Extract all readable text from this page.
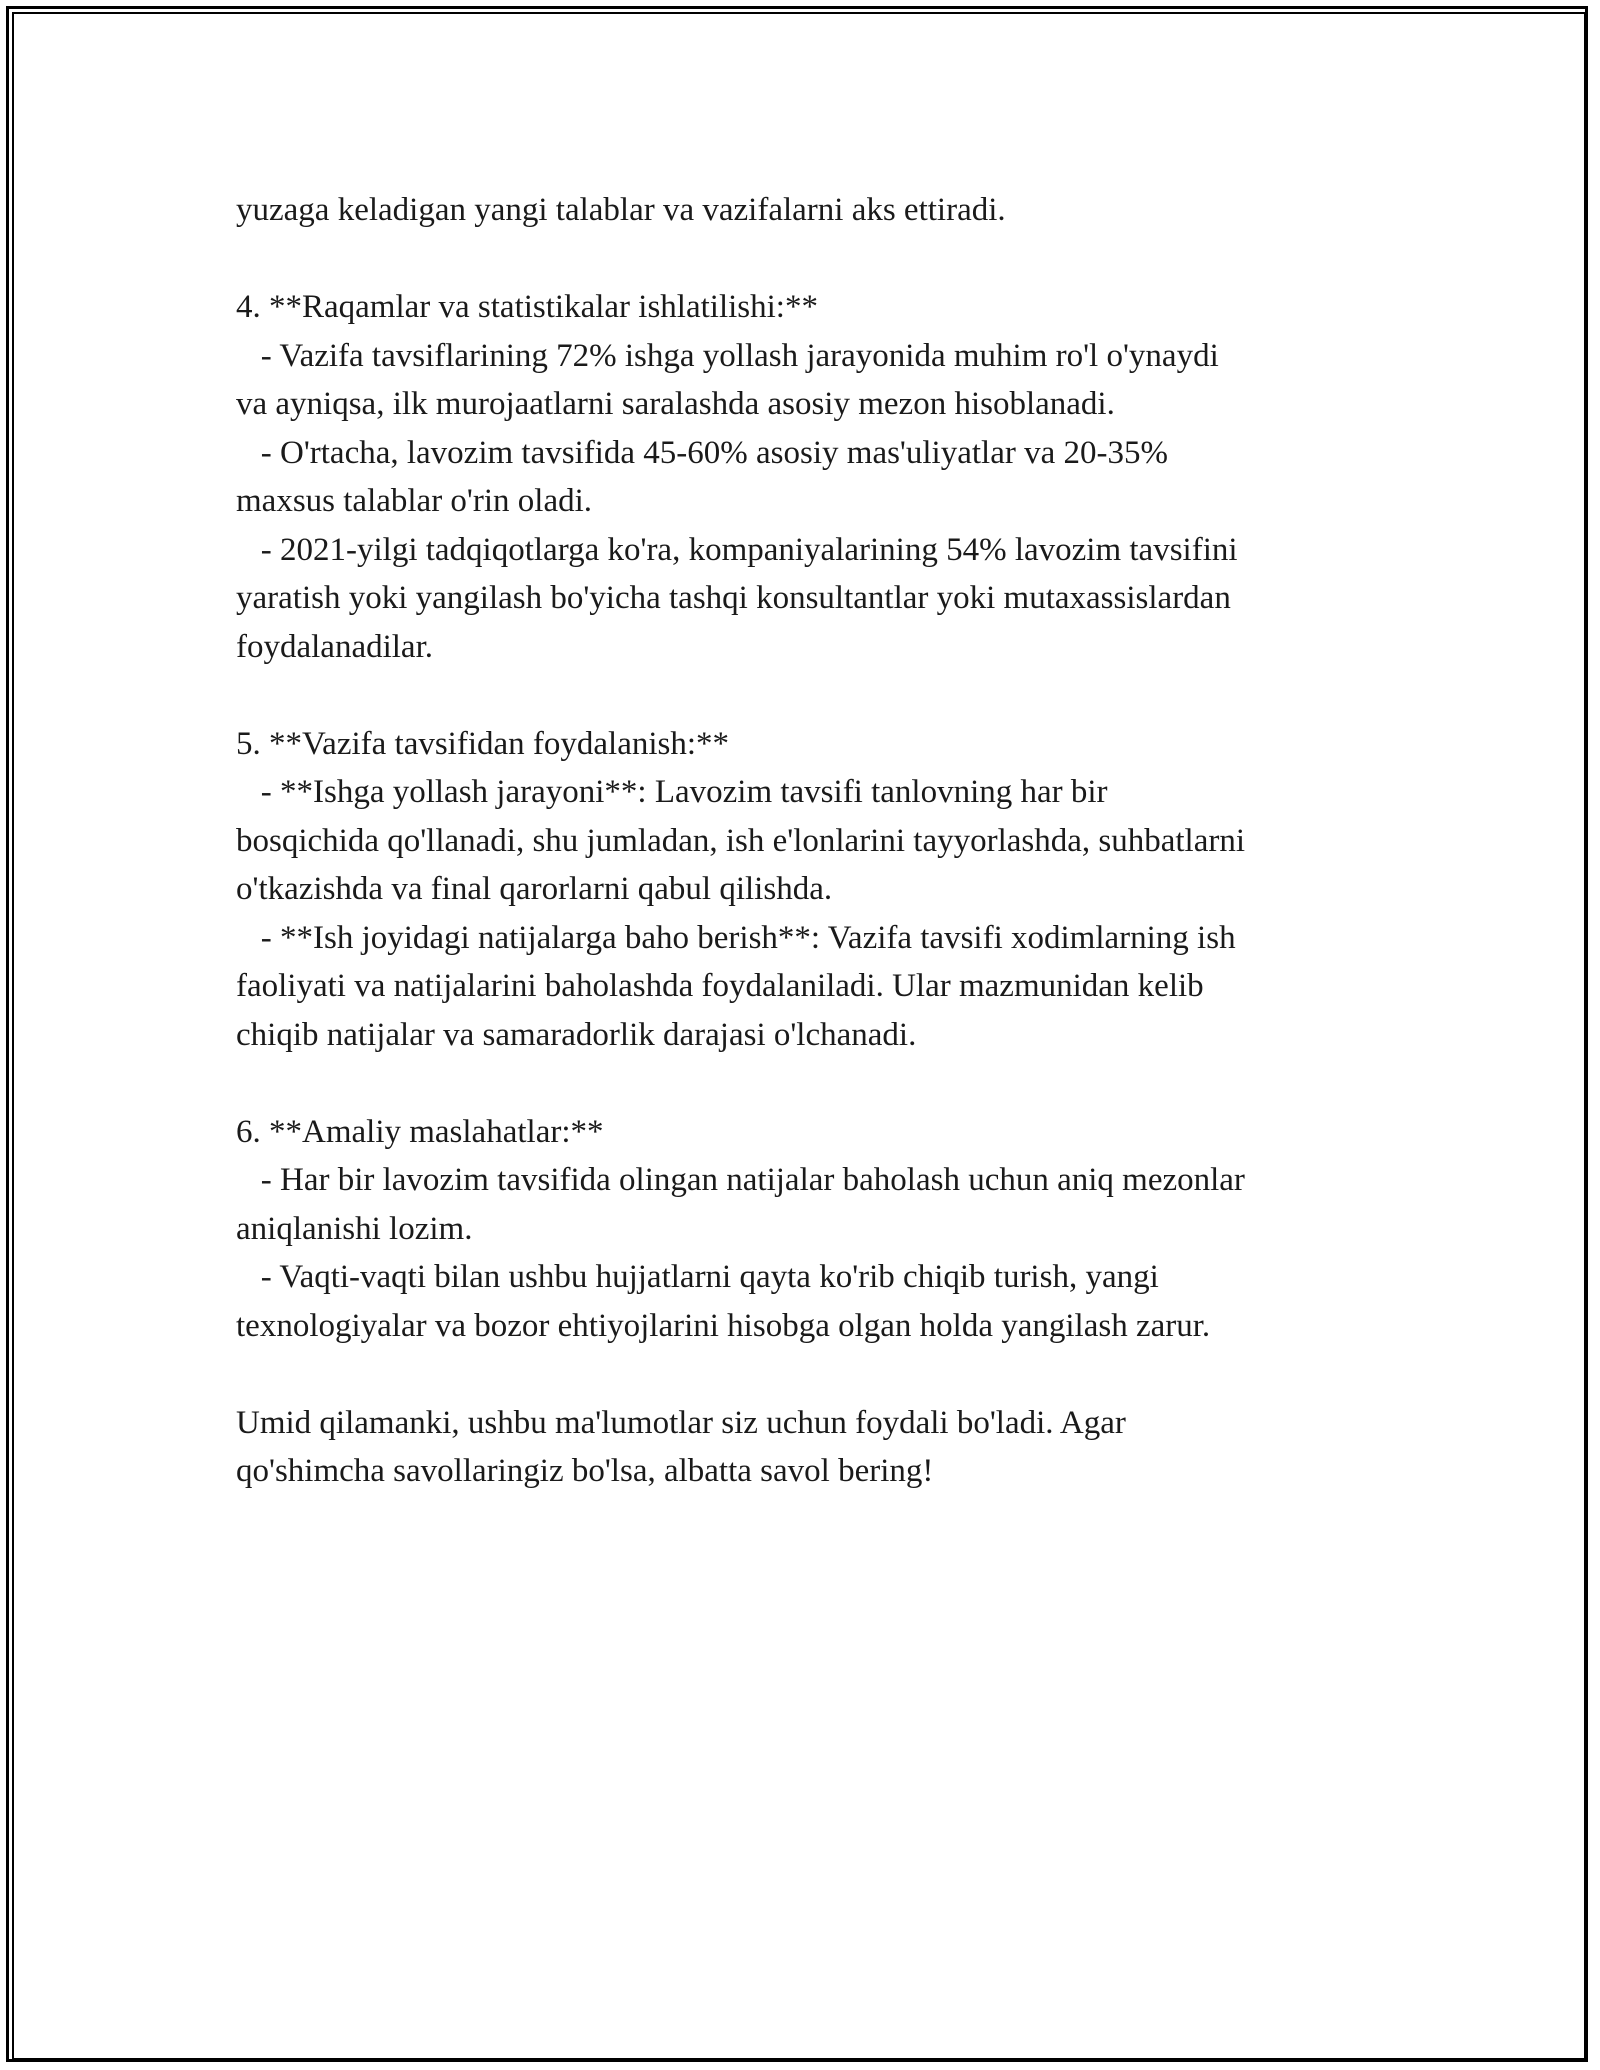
yuzaga keladigan yangi talablar va vazifalarni aks ettiradi.
4. **Raqamlar va statistikalar ishlatilishi:**
- Vazifa tavsiflarining 72% ishga yollash jarayonida muhim ro'l o'ynaydi
va ayniqsa, ilk murojaatlarni saralashda asosiy mezon hisoblanadi.
- O'rtacha, lavozim tavsifida 45-60% asosiy mas'uliyatlar va 20-35%
maxsus talablar o'rin oladi.
- 2021-yilgi tadqiqotlarga ko'ra, kompaniyalarining 54% lavozim tavsifini
yaratish yoki yangilash bo'yicha tashqi konsultantlar yoki mutaxassislardan
foydalanadilar.
5. **Vazifa tavsifidan foydalanish:**
- **Ishga yollash jarayoni**: Lavozim tavsifi tanlovning har bir
bosqichida qo'llanadi, shu jumladan, ish e'lonlarini tayyorlashda, suhbatlarni
o'tkazishda va final qarorlarni qabul qilishda.
- **Ish joyidagi natijalarga baho berish**: Vazifa tavsifi xodimlarning ish
faoliyati va natijalarini baholashda foydalaniladi. Ular mazmunidan kelib
chiqib natijalar va samaradorlik darajasi o'lchanadi.
6. **Amaliy maslahatlar:**
- Har bir lavozim tavsifida olingan natijalar baholash uchun aniq mezonlar
aniqlanishi lozim.
- Vaqti-vaqti bilan ushbu hujjatlarni qayta ko'rib chiqib turish, yangi
texnologiyalar va bozor ehtiyojlarini hisobga olgan holda yangilash zarur.
Umid qilamanki, ushbu ma'lumotlar siz uchun foydali bo'ladi. Agar
qo'shimcha savollaringiz bo'lsa, albatta savol bering!
